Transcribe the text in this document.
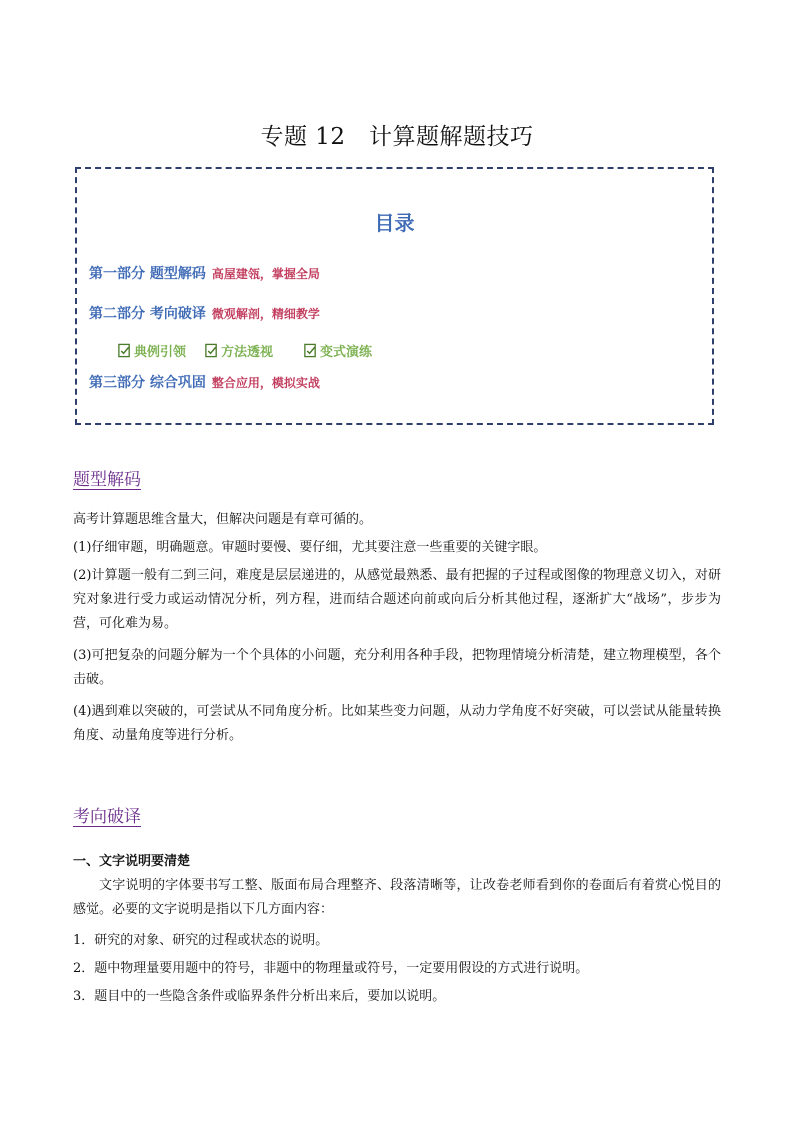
专题 12　计算题解题技巧
目录
第一部分 题型解码 高屋建瓴，掌握全局
第二部分 考向破译 微观解剖，精细教学
典例引领	方法透视	变式演练
第三部分 综合巩固 整合应用，模拟实战
题型解码
高考计算题思维含量大，但解决问题是有章可循的。
(1)仔细审题，明确题意。审题时要慢、要仔细，尤其要注意一些重要的关键字眼。
(2)计算题一般有二到三问，难度是层层递进的，从感觉最熟悉、最有把握的子过程或图像的物理意义切入，对研究对象进行受力或运动情况分析，列方程，进而结合题述向前或向后分析其他过程，逐渐扩大“战场”，步步为营，可化难为易。
(3)可把复杂的问题分解为一个个具体的小问题，充分利用各种手段，把物理情境分析清楚，建立物理模型，各个击破。
(4)遇到难以突破的，可尝试从不同角度分析。比如某些变力问题，从动力学角度不好突破，可以尝试从能量转换角度、动量角度等进行分析。
考向破译
一、文字说明要清楚
文字说明的字体要书写工整、版面布局合理整齐、段落清晰等，让改卷老师看到你的卷面后有着赏心悦目的感觉。必要的文字说明是指以下几方面内容：
1．研究的对象、研究的过程或状态的说明。
2．题中物理量要用题中的符号，非题中的物理量或符号，一定要用假设的方式进行说明。
3．题目中的一些隐含条件或临界条件分析出来后，要加以说明。
